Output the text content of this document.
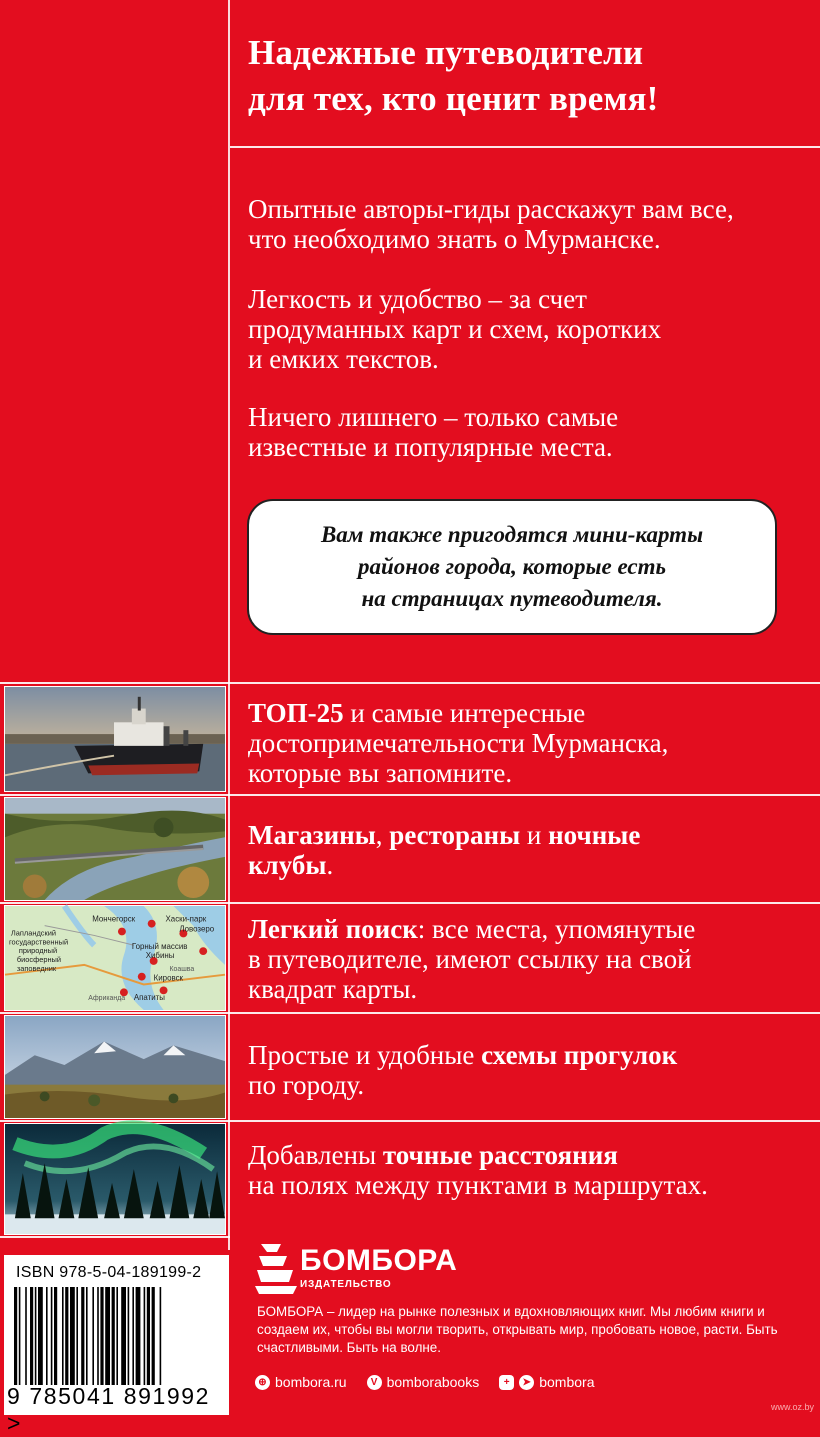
Надежные путеводители
для тех, кто ценит время!
Опытные авторы-гиды расскажут вам все,
что необходимо знать о Мурманске.
Легкость и удобство – за счет
продуманных карт и схем, коротких
и емких текстов.
Ничего лишнего – только самые
известные и популярные места.
Вам также пригодятся мини-карты
районов города, которые есть
на страницах путеводителя.
Мончегорск	Хаски-парк
Ловозеро
Лапландский
государственный
природный
биосферный
заповедник
Горный массив
Хибины
Кировск
Апатиты
Африканда
Коашва
ТОП-25 и самые интересные
достопримечательности Мурманска,
которые вы запомните.
Магазины, рестораны и ночные
клубы.
Легкий поиск: все места, упомянутые
в путеводителе, имеют ссылку на свой
квадрат карты.
Простые и удобные схемы прогулок
по городу.
Добавлены точные расстояния
на полях между пунктами в маршрутах.
ISBN 978-5-04-189199-2
9 785041 891992 >
БОМБОРА
ИЗДАТЕЛЬСТВО
БОМБОРА – лидер на рынке полезных и вдохновляющих книг. Мы любим книги и создаем их, чтобы вы могли творить, открывать мир, пробовать новое, расти. Быть счастливыми. Быть на волне.
⊕ bombora.ru	V bomborabooks	+	➤ bombora
www.oz.by
